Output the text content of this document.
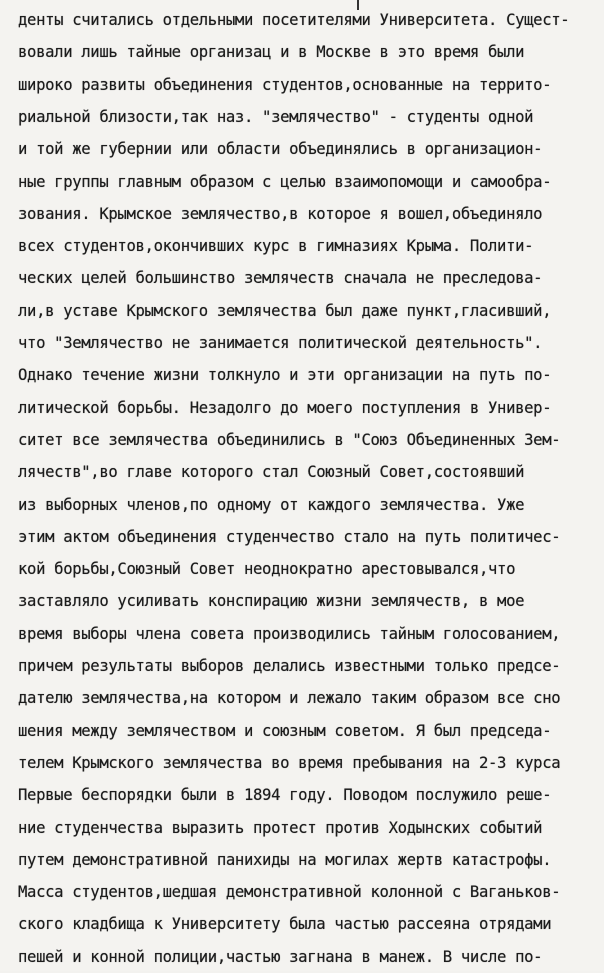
денты считались отдельными посетителями Университета. Сущест-
вовали лишь тайные организац и в Москве в это время были
широко развиты объединения студентов,основанные на террито-
риальной близости,так наз. "землячество" - студенты одной
и той же губернии или области объединялись в организацион-
ные группы главным образом с целью взаимопомощи и самообра-
зования. Крымское землячество,в которое я вошел,объединяло
всех студентов,окончивших курс в гимназиях Крыма. Полити-
ческих целей большинство землячеств сначала не преследова-
ли,в уставе Крымского землячества был даже пункт,гласивший,
что "Землячество не занимается политической деятельность".
Однако течение жизни толкнуло и эти организации на путь по-
литической борьбы. Незадолго до моего поступления в Универ-
ситет все землячества объединились в "Союз Объединенных Зем-
лячеств",во главе которого стал Союзный Совет,состоявший
из выборных членов,по одному от каждого землячества. Уже
этим актом объединения студенчество стало на путь политичес-
кой борьбы,Союзный Совет неоднократно арестовывался,что
заставляло усиливать конспирацию жизни землячеств, в мое
время выборы члена совета производились тайным голосованием,
причем результаты выборов делались известными только предсе-
дателю землячества,на котором и лежало таким образом все сно
шения между землячеством и союзным советом. Я был председа-
телем Крымского землячества во время пребывания на 2-3 курса
Первые беспорядки были в 1894 году. Поводом послужило реше-
ние студенчества выразить протест против Ходынских событий
путем демонстративной панихиды на могилах жертв катастрофы.
Масса студентов,шедшая демонстративной колонной с Ваганьков-
ского кладбища к Университету была частью рассеяна отрядами
пешей и конной полиции,частью загнана в манеж. В числе по-
